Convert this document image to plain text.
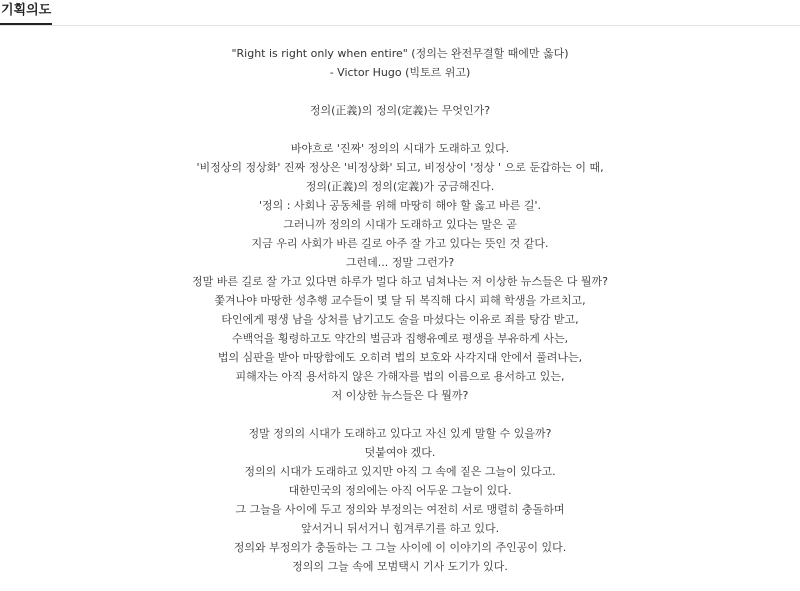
기획의도
"Right is right only when entire" (정의는 완전무결할 때에만 옳다)
- Victor Hugo (빅토르 위고)
정의(正義)의 정의(定義)는 무엇인가?
바야흐로 '진짜' 정의의 시대가 도래하고 있다.
'비정상의 정상화' 진짜 정상은 '비정상화' 되고, 비정상이 '정상 ' 으로 둔갑하는 이 때,
정의(正義)의 정의(定義)가 궁금해진다.
'정의 : 사회나 공동체를 위해 마땅히 해야 할 옳고 바른 길'.
그러니까 정의의 시대가 도래하고 있다는 말은 곧
지금 우리 사회가 바른 길로 아주 잘 가고 있다는 뜻인 것 같다.
그런데... 정말 그런가?
정말 바른 길로 잘 가고 있다면 하루가 멀다 하고 넘쳐나는 저 이상한 뉴스들은 다 뭘까?
쫓겨나야 마땅한 성추행 교수들이 몇 달 뒤 복직해 다시 피해 학생을 가르치고,
타인에게 평생 남을 상처를 남기고도 술을 마셨다는 이유로 죄를 탕감 받고,
수백억을 횡령하고도 약간의 벌금과 집행유예로 평생을 부유하게 사는,
법의 심판을 받아 마땅함에도 오히려 법의 보호와 사각지대 안에서 풀려나는,
피해자는 아직 용서하지 않은 가해자를 법의 이름으로 용서하고 있는,
저 이상한 뉴스들은 다 뭘까?
정말 정의의 시대가 도래하고 있다고 자신 있게 말할 수 있을까?
덧붙여야 겠다.
정의의 시대가 도래하고 있지만 아직 그 속에 짙은 그늘이 있다고.
대한민국의 정의에는 아직 어두운 그늘이 있다.
그 그늘을 사이에 두고 정의와 부정의는 여전히 서로 맹렬히 충돌하며
앞서거니 뒤서거니 힘겨루기를 하고 있다.
정의와 부정의가 충돌하는 그 그늘 사이에 이 이야기의 주인공이 있다.
정의의 그늘 속에 모범택시 기사 도기가 있다.
